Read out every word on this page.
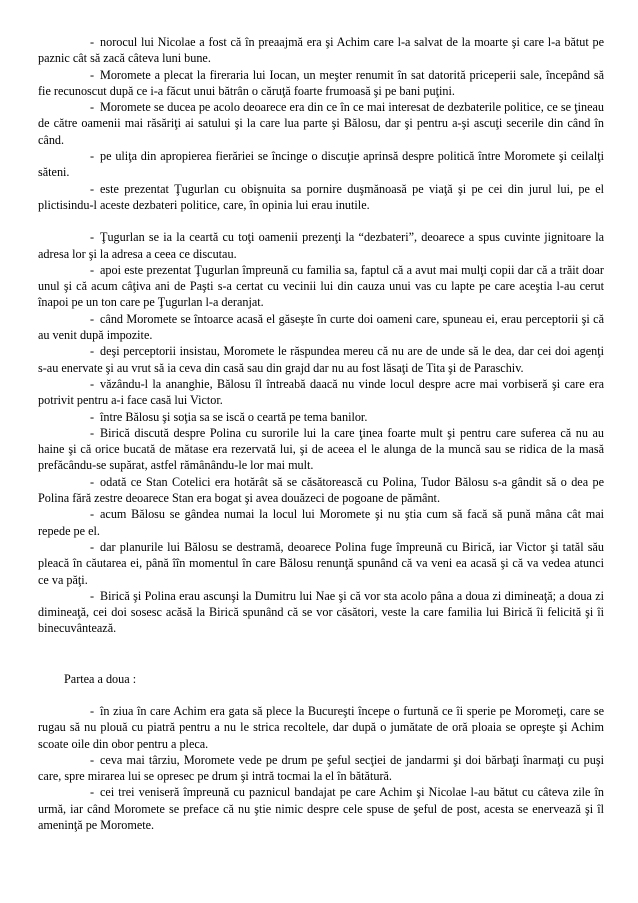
- norocul lui Nicolae a fost că în preaajmă era şi Achim care l-a salvat de la moarte şi care l-a bătut pe paznic cât să zacă câteva luni bune.

- Moromete a plecat la fireraria lui Iocan, un meşter renumit în sat datorită priceperii sale, începând să fie recunoscut după ce i-a făcut unui bătrân o căruţă foarte frumoasă şi pe bani puţini.

- Moromete se ducea pe acolo deoarece era din ce în ce mai interesat de dezbaterile politice, ce se ţineau de către oamenii mai răsăriţi ai satului şi la care lua parte şi Bălosu, dar şi pentru a-şi ascuţi secerile din când în când.

- pe uliţa din apropierea fierăriei se încinge o discuţie aprinsă despre politică între Moromete şi ceilalţi săteni.

- este prezentat Ţugurlan cu obişnuita sa pornire duşmănoasă pe viaţă şi pe cei din jurul lui, pe el plictisindu-l aceste dezbateri politice, care, în opinia lui erau inutile.

- Ţugurlan se ia la ceartă cu toţi oamenii prezenţi la “dezbateri”, deoarece a spus cuvinte jignitoare la adresa lor şi la adresa a ceea ce discutau.

- apoi este prezentat Ţugurlan împreună cu familia sa, faptul că a avut mai mulţi copii dar că a trăit doar unul şi că acum câţiva ani de Paşti s-a certat cu vecinii lui din cauza unui vas cu lapte pe care aceştia l-au cerut înapoi pe un ton care pe Ţugurlan l-a deranjat.

- când Moromete se întoarce acasă el găseşte în curte doi oameni care, spuneau ei, erau perceptorii şi că au venit după impozite.

- deşi perceptorii insistau, Moromete le răspundea mereu că nu are de unde să le dea, dar cei doi agenţi s-au enervate şi au vrut să ia ceva din casă sau din grajd dar nu au fost lăsaţi de Tita şi de Paraschiv.

- văzându-l la ananghie, Bălosu îl întreabă daacă nu vinde locul despre acre mai vorbiseră şi care era potrivit pentru a-i face casă lui Victor.

- între Bălosu şi soţia sa se iscă o ceartă pe tema banilor.

- Birică discută despre Polina cu surorile lui la care ţinea foarte mult şi pentru care suferea că nu au haine şi că orice bucată de mătase era rezervată lui, şi de aceea el le alunga de la muncă sau se ridica de la masă prefăcându-se supărat, astfel rămânându-le lor mai mult.

- odată ce Stan Cotelici era hotărât să se căsătorească cu Polina, Tudor Bălosu s-a gândit să o dea pe Polina fără zestre deoarece Stan era bogat şi avea douăzeci de pogoane de pământ.

- acum Bălosu se gândea numai la locul lui Moromete şi nu ştia cum să facă să pună mâna cât mai repede pe el.

- dar planurile lui Bălosu se destramă, deoarece Polina fuge împreună cu Birică, iar Victor şi tatăl său pleacă în căutarea ei, până îîn momentul în care Bălosu renunţă spunând că va veni ea acasă şi că va vedea atunci ce va păţi.

- Birică şi Polina erau ascunşi la Dumitru lui Nae şi că vor sta acolo pâna a doua zi dimineaţă; a doua zi dimineaţă, cei doi sosesc acăsă la Birică spunând că se vor căsători, veste la care familia lui Birică îi felicită şi îi binecuvântează.

Partea a doua :

- în ziua în care Achim era gata să plece la Bucureşti începe o furtună ce îi sperie pe Moromeţi, care se rugau să nu plouă cu piatră pentru a nu le strica recoltele, dar după o jumătate de oră ploaia se opreşte şi Achim scoate oile din obor pentru a pleca.

- ceva mai târziu, Moromete vede pe drum pe şeful secţiei de jandarmi şi doi bărbaţi înarmaţi cu puşi care, spre mirarea lui se opresec pe drum şi intră tocmai la el în bătătură.

- cei trei veniseră împreună cu paznicul bandajat pe care Achim şi Nicolae l-au bătut cu câteva zile în urmă, iar când Moromete se preface că nu ştie nimic despre cele spuse de şeful de post, acesta se enervează şi îl ameninţă pe Moromete.
